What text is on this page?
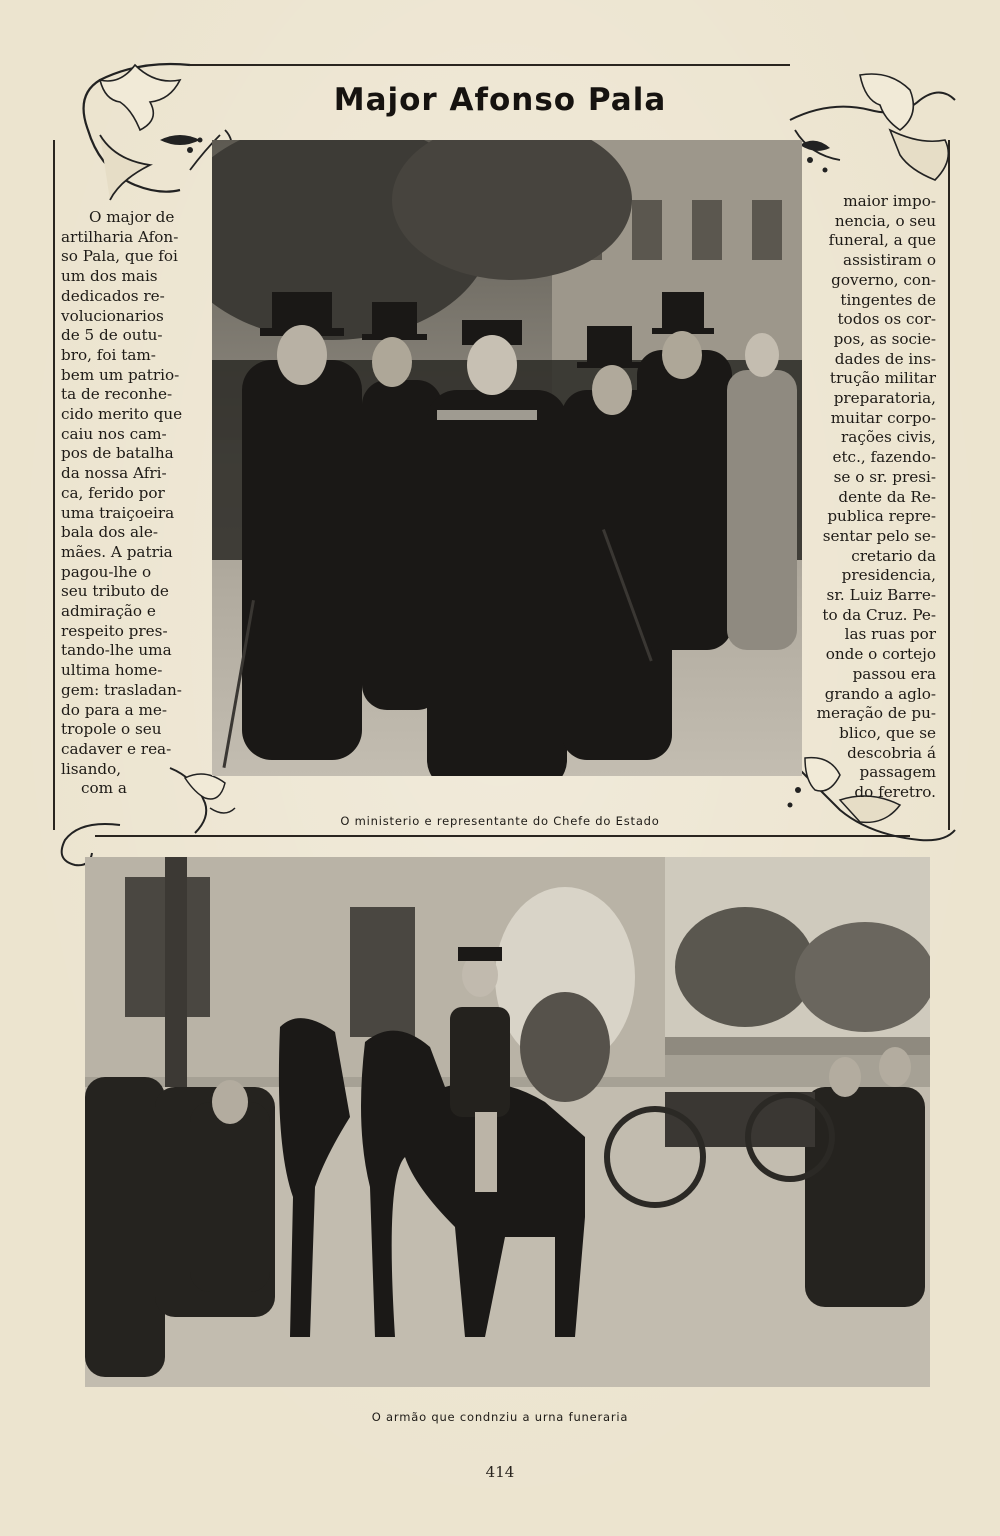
Major Afonso Pala
O major de
artilharia Afon-
so Pala, que foi
um dos mais
dedicados re-
volucionarios
de 5 de outu-
bro, foi tam-
bem um patrio-
ta de reconhe-
cido merito que
caiu nos cam-
pos de batalha
da nossa Afri-
ca, ferido por
uma traiçoeira
bala dos ale-
mães. A patria
pagou-lhe o
seu tributo de
admiração e
respeito pres-
tando-lhe uma
ultima home-
gem: trasladan-
do para a me-
tropole o seu
cadaver e rea-
lisando,
com a
maior impo-
nencia, o seu
funeral, a que
assistiram o
governo, con-
tingentes de
todos os cor-
pos, as socie-
dades de ins-
trução militar
preparatoria,
muitar corpo-
rações civis,
etc., fazendo-
se o sr. presi-
dente da Re-
publica repre-
sentar pelo se-
cretario da
presidencia,
sr. Luiz Barre-
to da Cruz. Pe-
las ruas por
onde o cortejo
passou era
grando a aglo-
meração de pu-
blico, que se
descobria á
passagem
do feretro.
O ministerio e representante do Chefe do Estado
O armão que condnziu a urna funeraria
414
